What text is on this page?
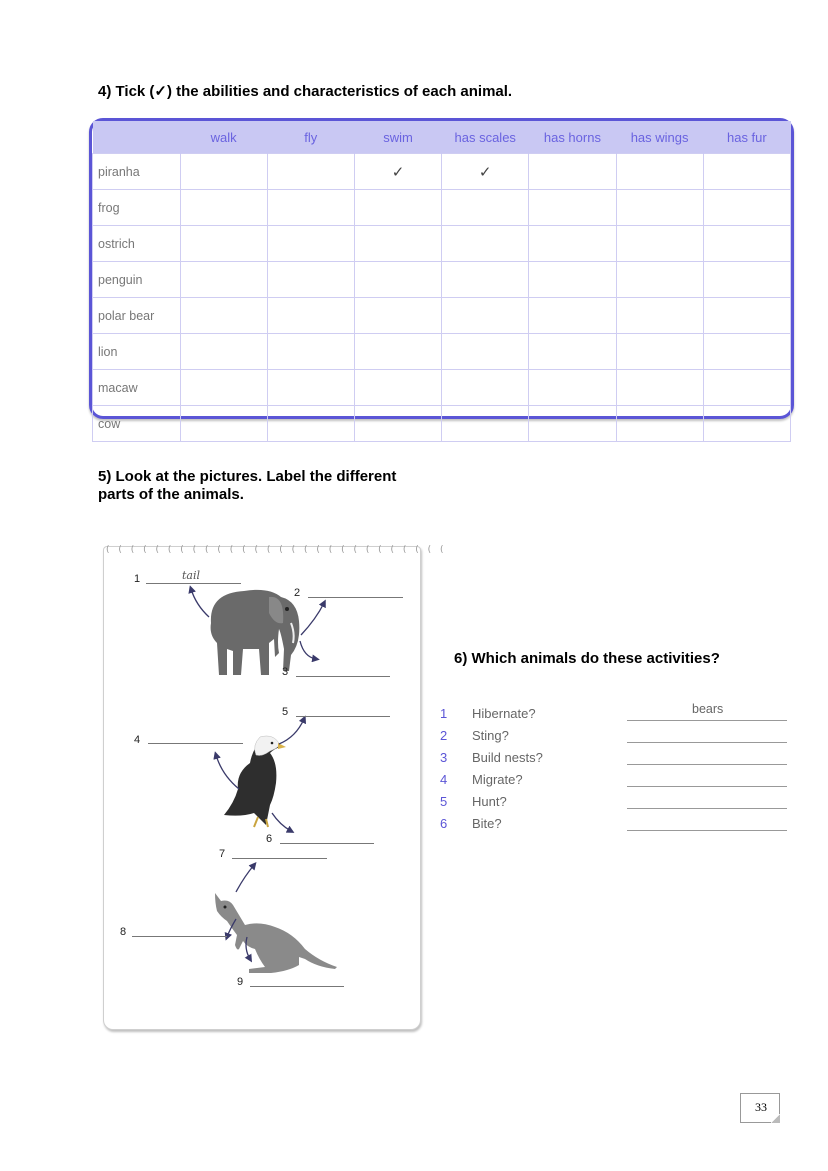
4) Tick (✓) the abilities and characteristics of each animal.

	walk	fly	swim	has scales	has horns	has wings	has fur
piranha			✓	✓			
frog							
ostrich							
penguin							
polar bear							
lion							
macaw							
cow							

5) Look at the pictures. Label the different parts of the animals.

( ( ( ( ( ( ( ( ( ( ( ( ( ( ( ( ( ( ( ( ( ( ( ( ( ( ( (
1	tail
2
3
4
5
6
7
8
9

6) Which animals do these activities?

1 Hibernate?	bears
2 Sting?
3 Build nests?
4 Migrate?
5 Hunt?
6 Bite?
33
